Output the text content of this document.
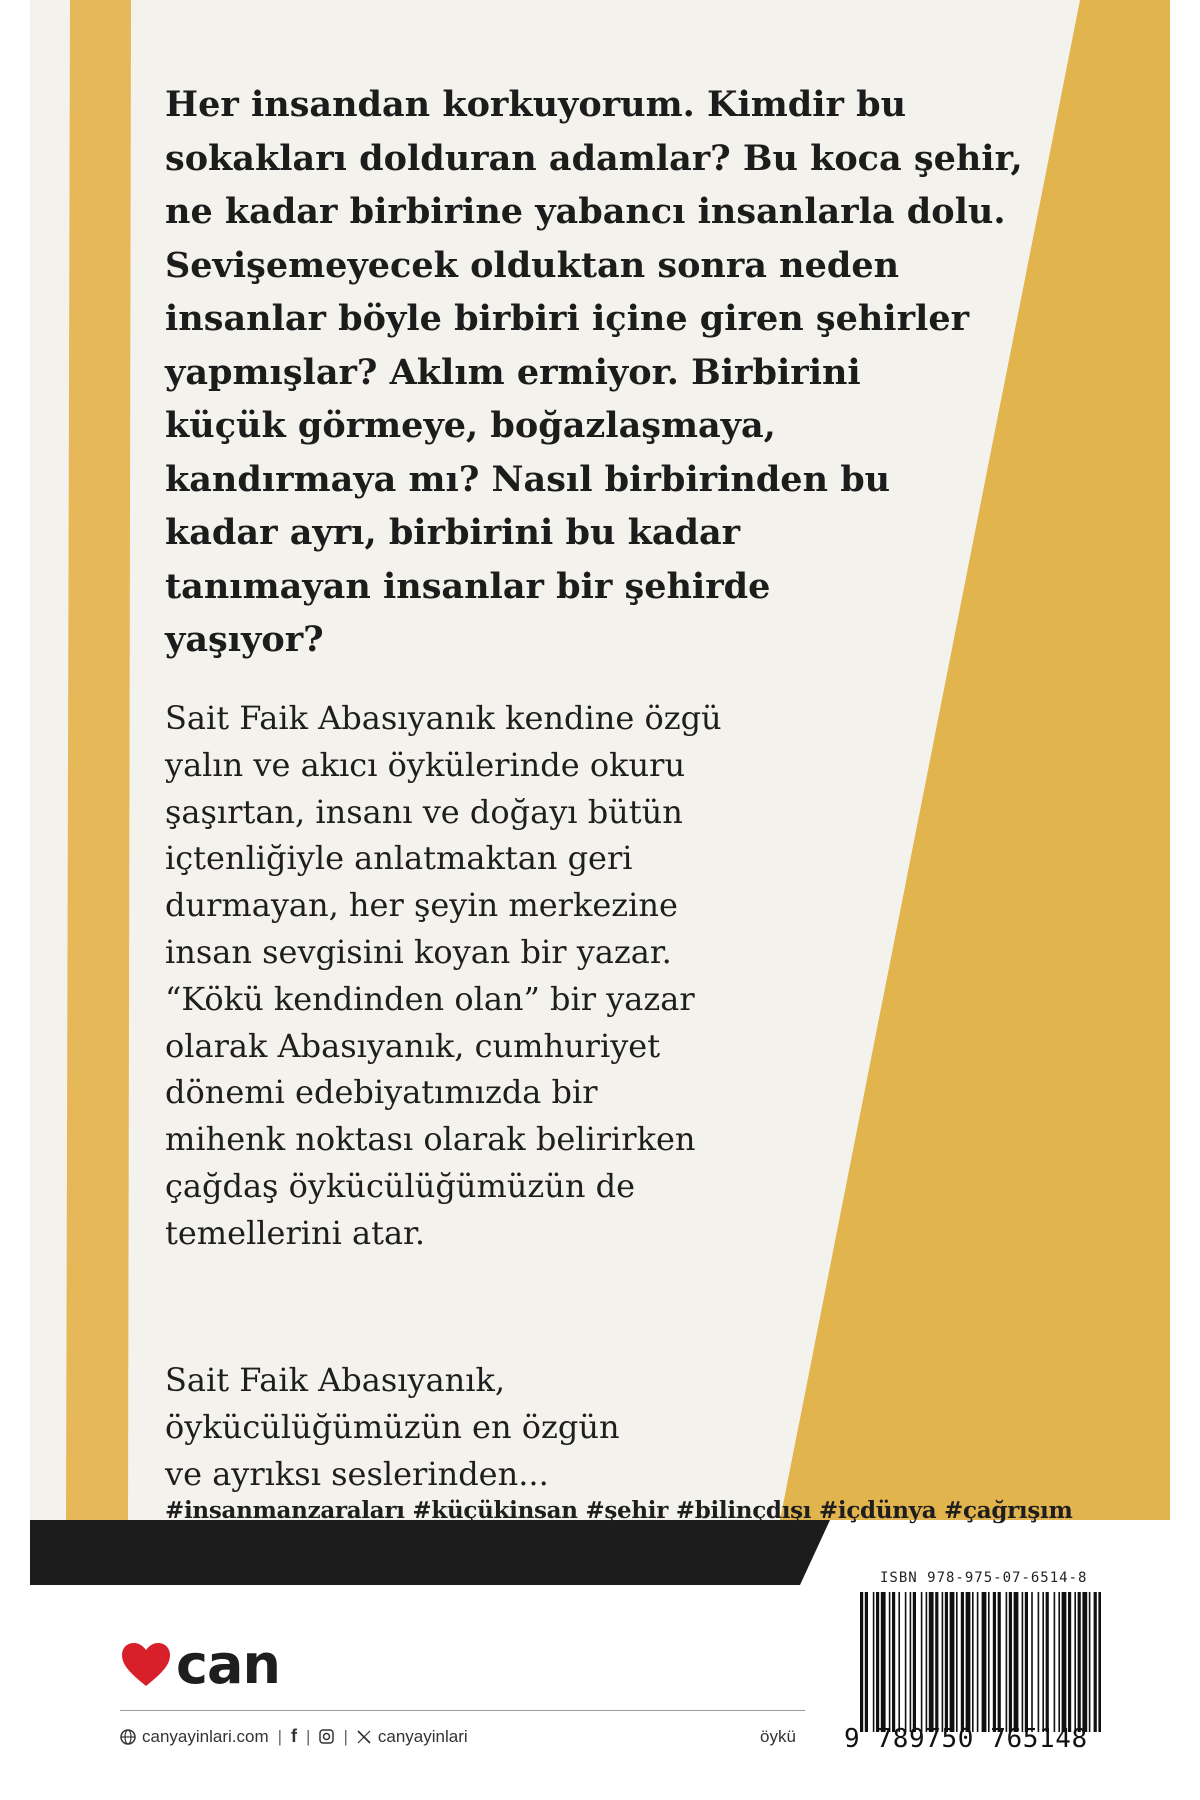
Her insandan korkuyorum. Kimdir bu
sokakları dolduran adamlar? Bu koca şehir,
ne kadar birbirine yabancı insanlarla dolu.
Sevişemeyecek olduktan sonra neden
insanlar böyle birbiri içine giren şehirler
yapmışlar? Aklım ermiyor. Birbirini
küçük görmeye, boğazlaşmaya,
kandırmaya mı? Nasıl birbirinden bu
kadar ayrı, birbirini bu kadar
tanımayan insanlar bir şehirde
yaşıyor?
Sait Faik Abasıyanık kendine özgü
yalın ve akıcı öykülerinde okuru
şaşırtan, insanı ve doğayı bütün
içtenliğiyle anlatmaktan geri
durmayan, her şeyin merkezine
insan sevgisini koyan bir yazar.
“Kökü kendinden olan” bir yazar
olarak Abasıyanık, cumhuriyet
dönemi edebiyatımızda bir
mihenk noktası olarak belirirken
çağdaş öykücülüğümüzün de
temellerini atar.
Sait Faik Abasıyanık,
öykücülüğümüzün en özgün
ve ayrıksı seslerinden...
#insanmanzaraları #küçükinsan #şehir #bilinçdışı #içdünya #çağrışım
can
canyayinlari.com | f | | canyayinlari	öykü
ISBN 978-975-07-6514-8
9 789750 765148
